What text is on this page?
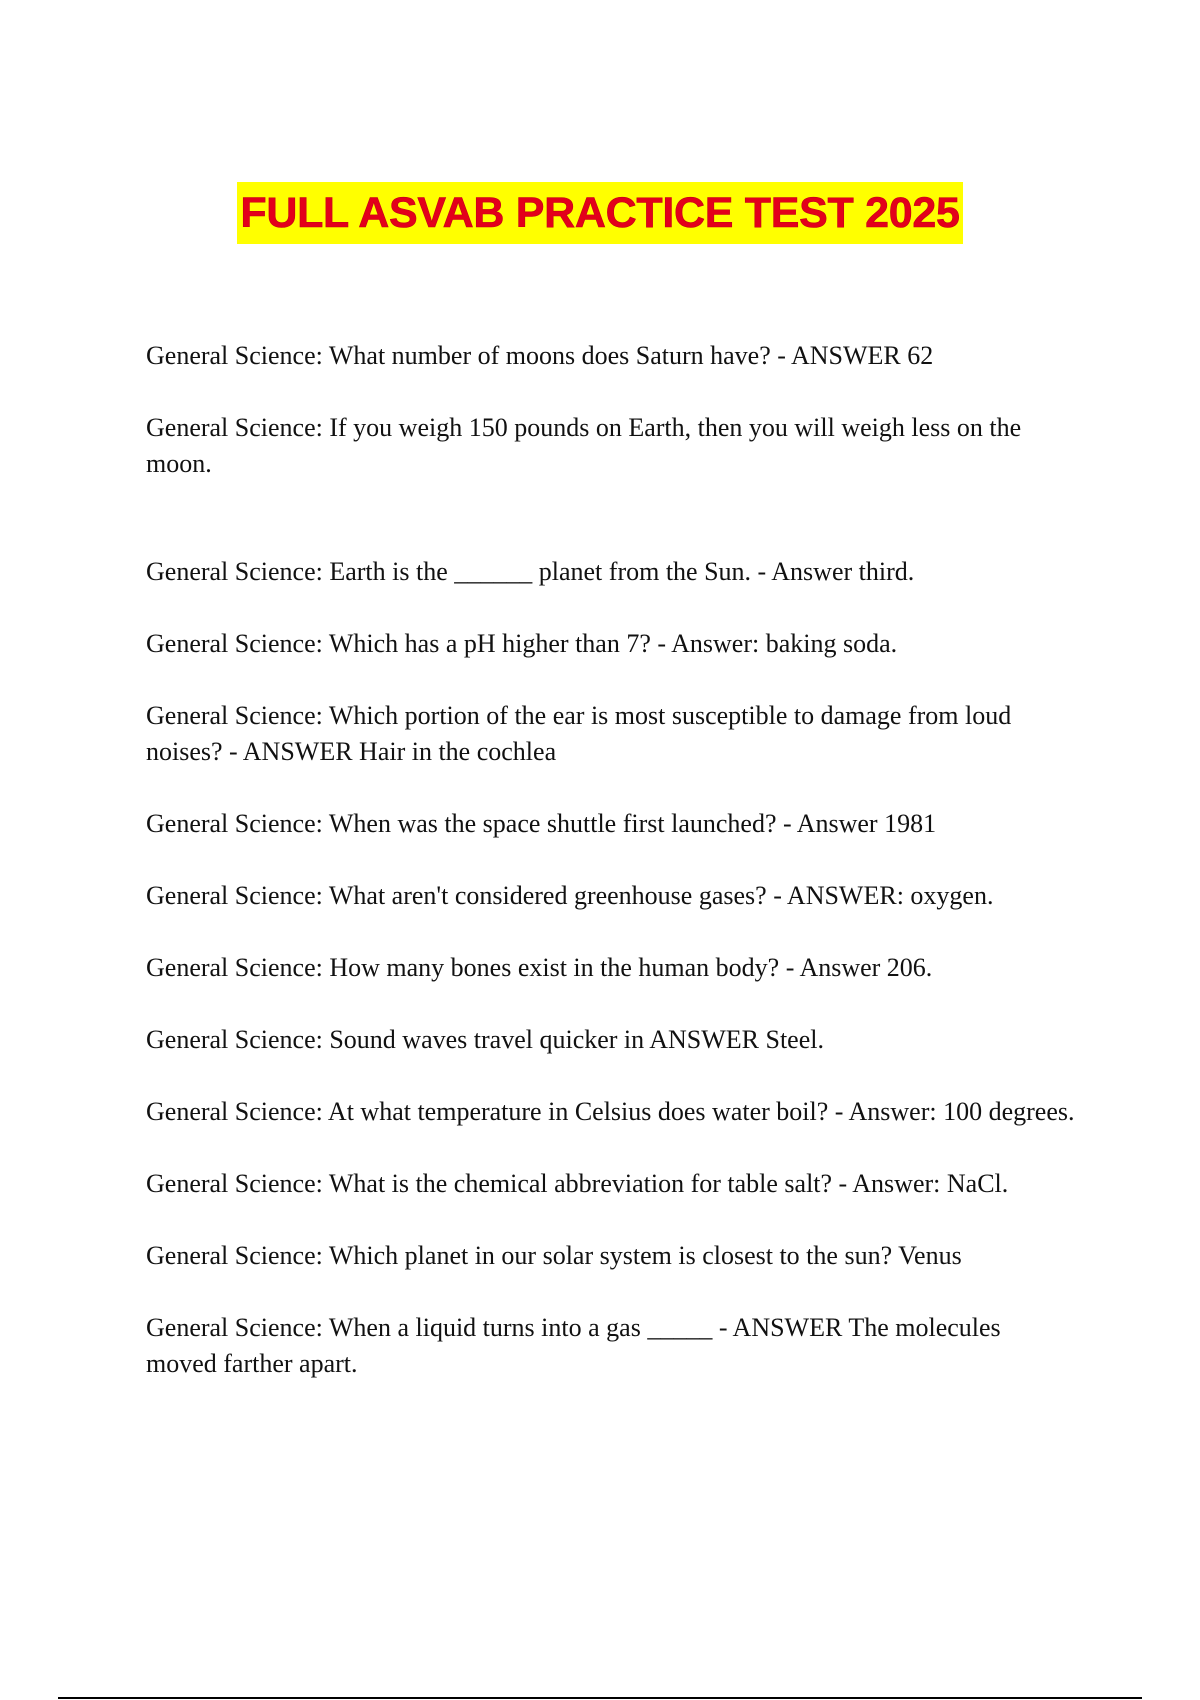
FULL ASVAB PRACTICE TEST 2025

General Science: What number of moons does Saturn have? - ANSWER 62

General Science: If you weigh 150 pounds on Earth, then you will weigh less on the moon.

General Science: Earth is the ______ planet from the Sun. - Answer third.

General Science: Which has a pH higher than 7? - Answer: baking soda.

General Science: Which portion of the ear is most susceptible to damage from loud noises? - ANSWER Hair in the cochlea

General Science: When was the space shuttle first launched? - Answer 1981

General Science: What aren't considered greenhouse gases? - ANSWER: oxygen.

General Science: How many bones exist in the human body? - Answer 206.

General Science: Sound waves travel quicker in ANSWER Steel.

General Science: At what temperature in Celsius does water boil? - Answer: 100 degrees.

General Science: What is the chemical abbreviation for table salt? - Answer: NaCl.

General Science: Which planet in our solar system is closest to the sun? Venus

General Science: When a liquid turns into a gas _____ - ANSWER The molecules moved farther apart.
